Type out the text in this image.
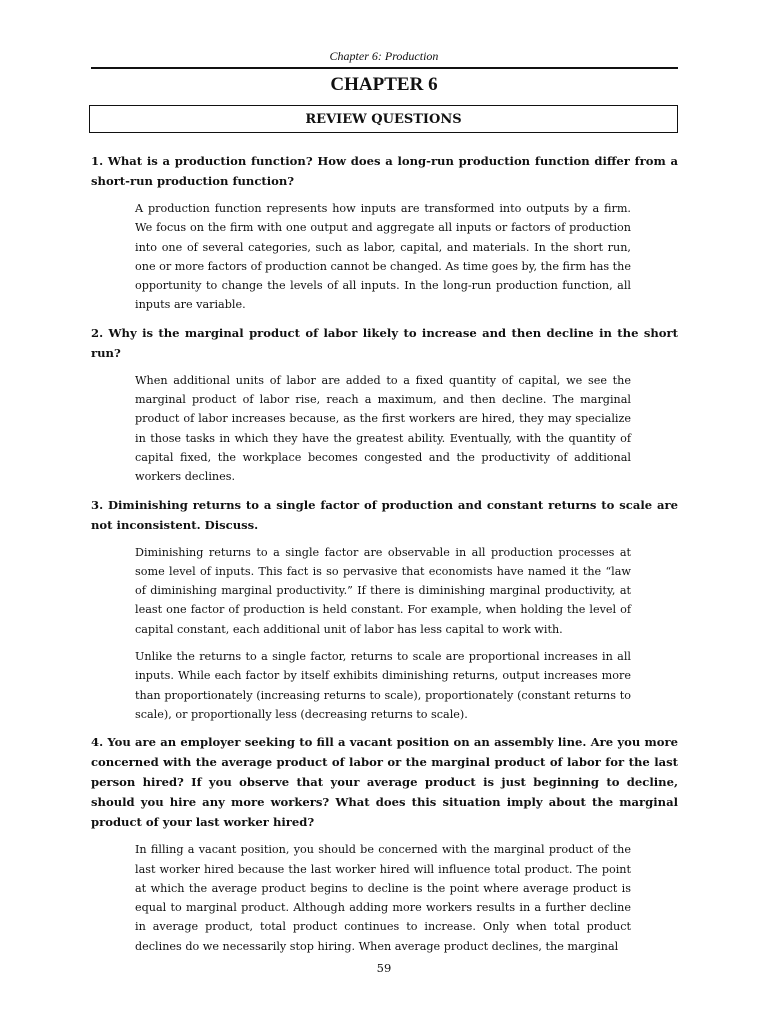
Chapter 6: Production
CHAPTER 6
REVIEW QUESTIONS

1. What is a production function? How does a long-run production function differ from a short-run production function?

A production function represents how inputs are transformed into outputs by a firm. We focus on the firm with one output and aggregate all inputs or factors of production into one of several categories, such as labor, capital, and materials. In the short run, one or more factors of production cannot be changed. As time goes by, the firm has the opportunity to change the levels of all inputs. In the long-run production function, all inputs are variable.

2. Why is the marginal product of labor likely to increase and then decline in the short run?

When additional units of labor are added to a fixed quantity of capital, we see the marginal product of labor rise, reach a maximum, and then decline. The marginal product of labor increases because, as the first workers are hired, they may specialize in those tasks in which they have the greatest ability. Eventually, with the quantity of capital fixed, the workplace becomes congested and the productivity of additional workers declines.

3. Diminishing returns to a single factor of production and constant returns to scale are not inconsistent. Discuss.

Diminishing returns to a single factor are observable in all production processes at some level of inputs. This fact is so pervasive that economists have named it the “law of diminishing marginal productivity.” If there is diminishing marginal productivity, at least one factor of production is held constant. For example, when holding the level of capital constant, each additional unit of labor has less capital to work with.

Unlike the returns to a single factor, returns to scale are proportional increases in all inputs. While each factor by itself exhibits diminishing returns, output increases more than proportionately (increasing returns to scale), proportionately (constant returns to scale), or proportionally less (decreasing returns to scale).

4. You are an employer seeking to fill a vacant position on an assembly line. Are you more concerned with the average product of labor or the marginal product of labor for the last person hired? If you observe that your average product is just beginning to decline, should you hire any more workers? What does this situation imply about the marginal product of your last worker hired?

In filling a vacant position, you should be concerned with the marginal product of the last worker hired because the last worker hired will influence total product. The point at which the average product begins to decline is the point where average product is equal to marginal product. Although adding more workers results in a further decline in average product, total product continues to increase. Only when total product declines do we necessarily stop hiring. When average product declines, the marginal

59
